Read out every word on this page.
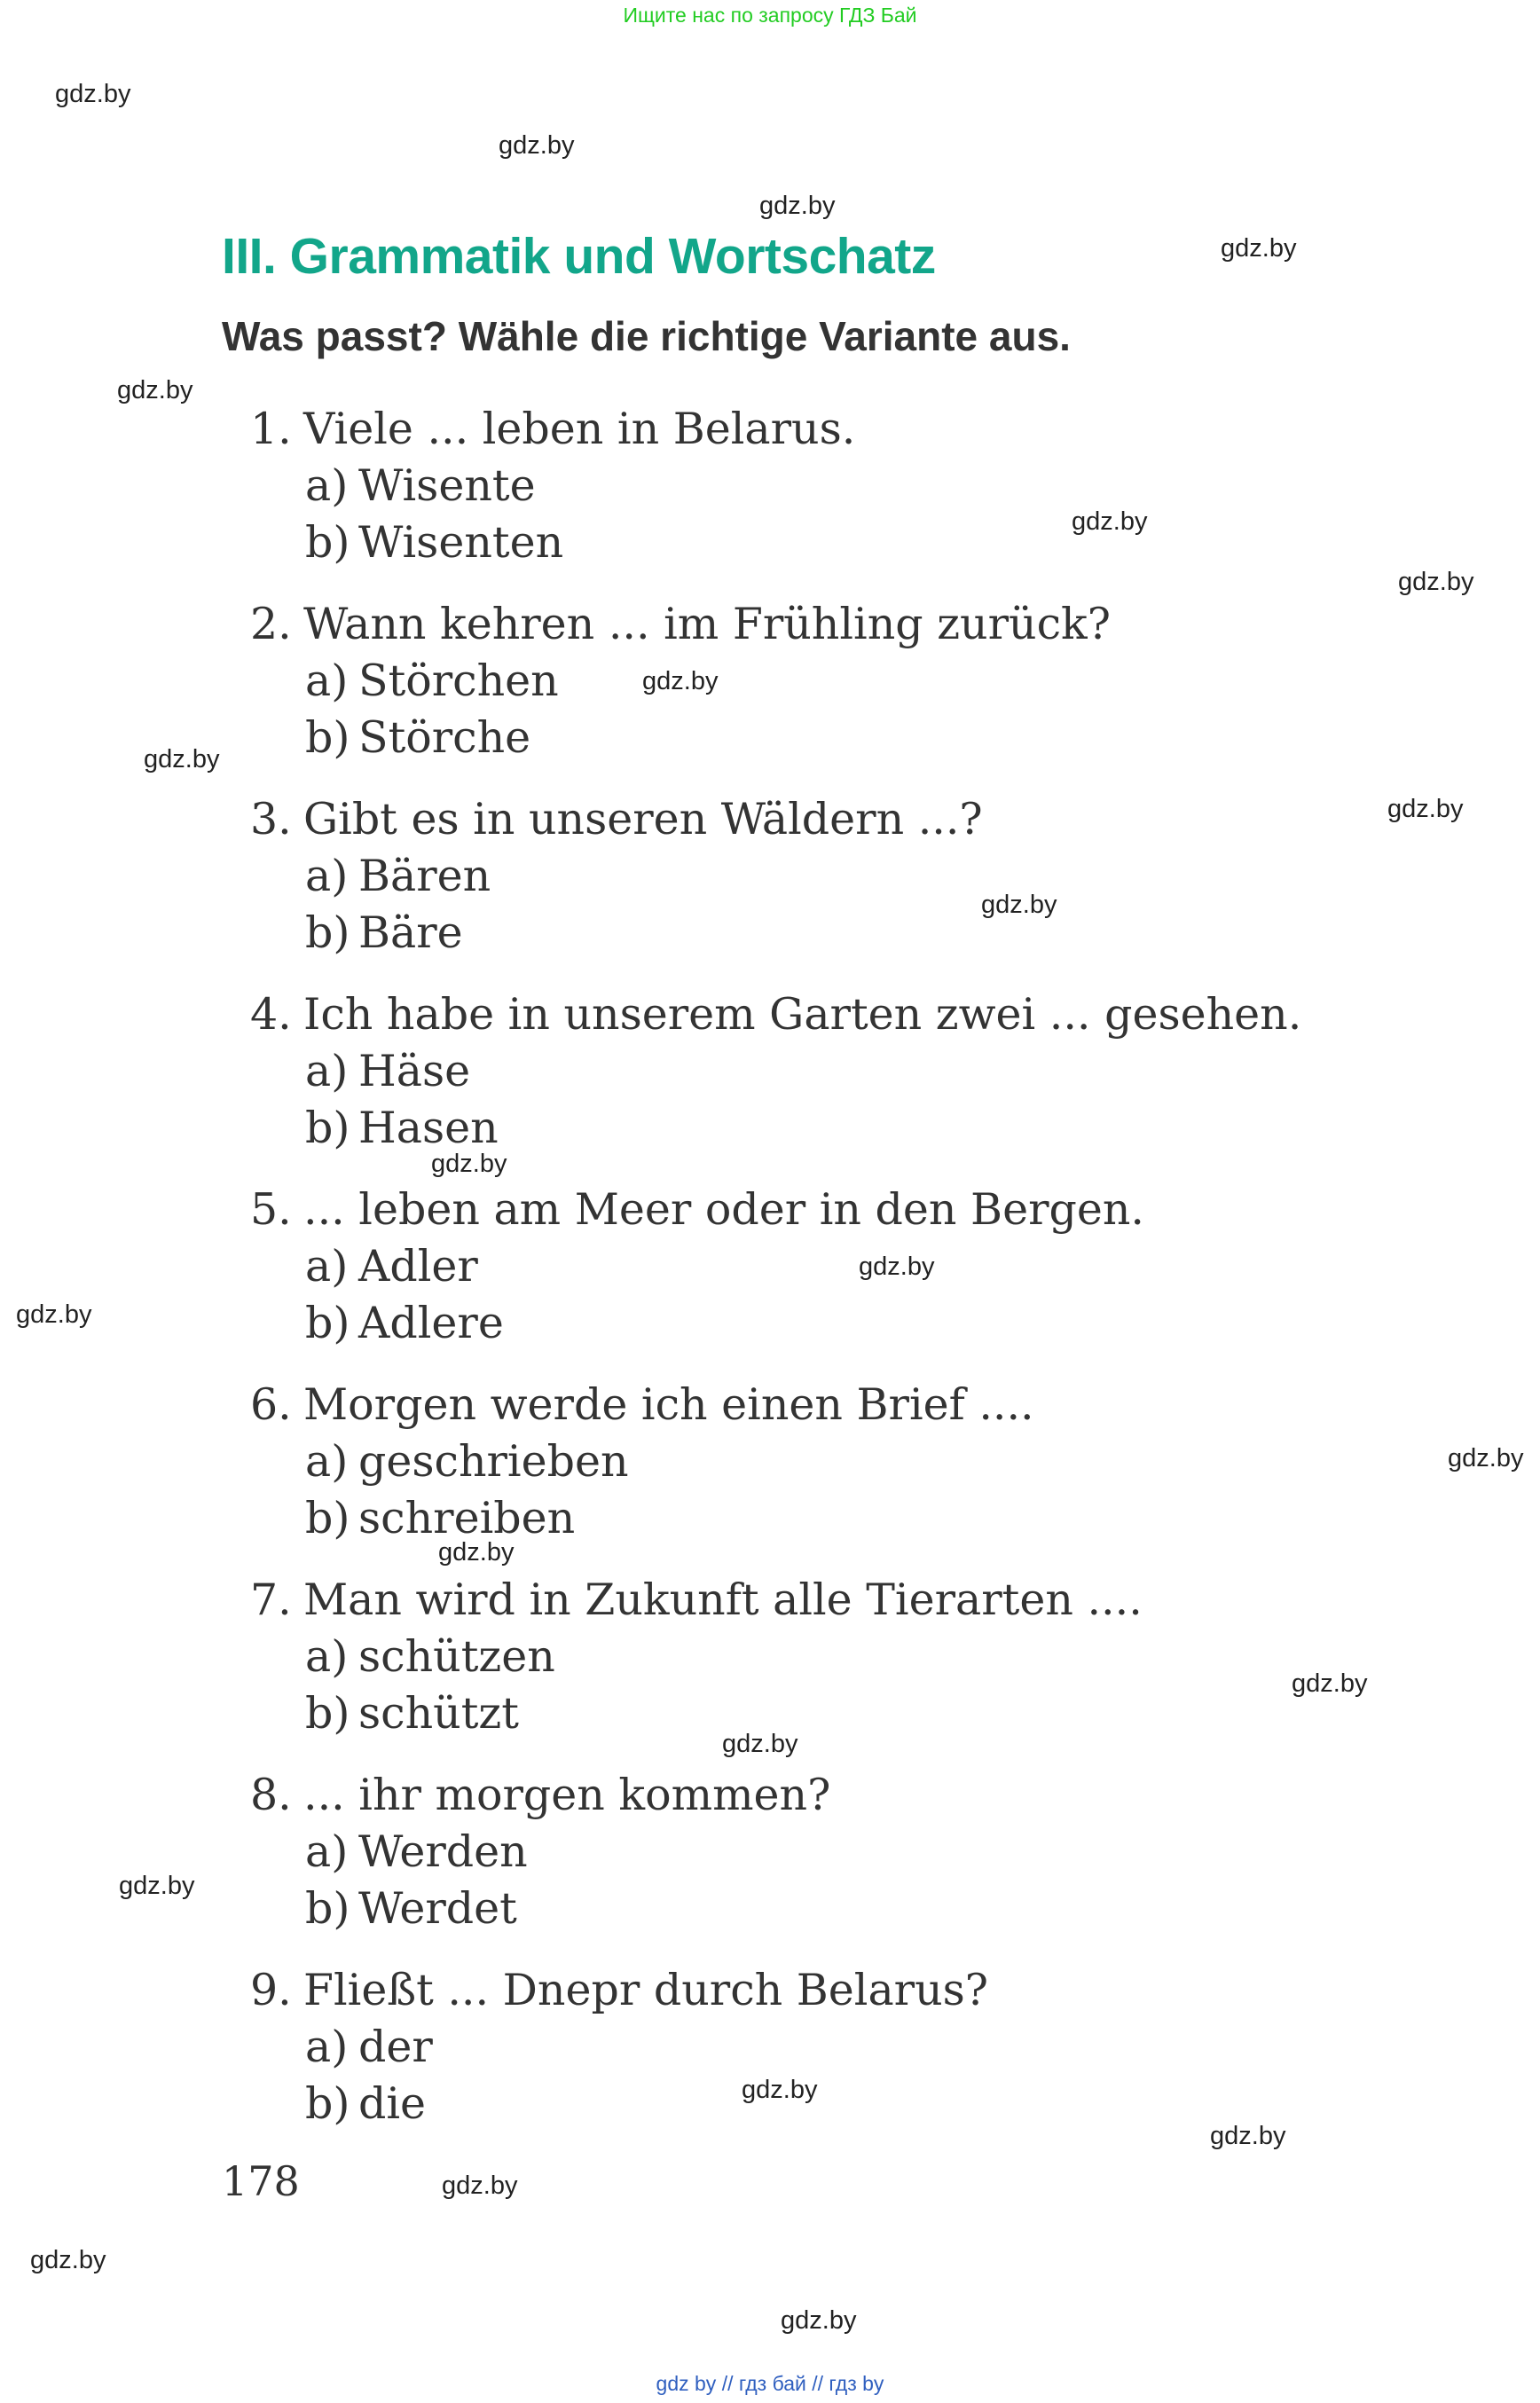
Ищите нас по запросу ГДЗ Бай
III. Grammatik und Wortschatz
Was passt? Wähle die richtige Variante aus.
1. Viele ... leben in Belarus.
a) Wisente
b) Wisenten
2. Wann kehren ... im Frühling zurück?
a) Störchen
b) Störche
3. Gibt es in unseren Wäldern ...?
a) Bären
b) Bäre
4. Ich habe in unserem Garten zwei ... gesehen.
a) Häse
b) Hasen
5. ... leben am Meer oder in den Bergen.
a) Adler
b) Adlere
6. Morgen werde ich einen Brief ....
a) geschrieben
b) schreiben
7. Man wird in Zukunft alle Tierarten ....
a) schützen
b) schützt
8. ... ihr morgen kommen?
a) Werden
b) Werdet
9. Fließt ... Dnepr durch Belarus?
a) der
b) die
178
gdz.by
gdz.by
gdz.by
gdz.by
gdz.by
gdz.by
gdz.by
gdz.by
gdz.by
gdz.by
gdz.by
gdz.by
gdz.by
gdz.by
gdz.by
gdz.by
gdz.by
gdz.by
gdz.by
gdz.by
gdz.by
gdz.by
gdz.by
gdz.by
gdz by // гдз бай // гдз by
